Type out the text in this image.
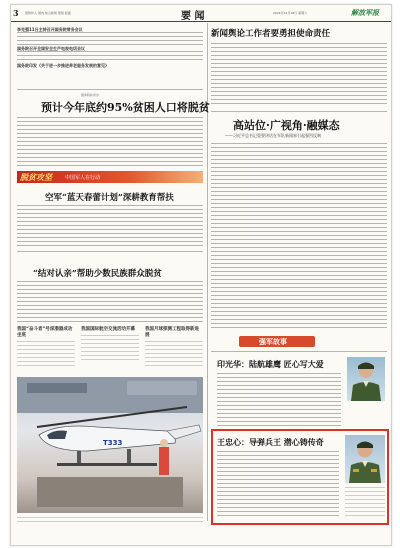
3 国防和人 国内 综合新闻 观察 版面	要 闻	2021年12月18日 星期六	解放军报
李克强11日主持召开国务院常务会议
国务院召开全国安全生产电视电话会议
国务院印发《关于进一步推进养老服务发展的意见》
国务院扶贫办
预计今年底约95%贫困人口将脱贫
脱贫攻坚	中国军人在行动
空军“蓝天春蕾计划”深耕教育帮扶
“结对认亲”帮助少数民族群众脱贫
我国“奋斗者”号深潜器成功坐底
我国国际航空交流活动开幕	我国月球探测工程取得新进展
T333
新闻舆论工作者要勇担使命责任
高站位·广视角·融媒态
——习近平总书记重要讲话在军队新闻界引起强烈反响
强军故事
印光华：陆航雄鹰 匠心写大爱
王忠心：导弹兵王 潜心铸传奇
